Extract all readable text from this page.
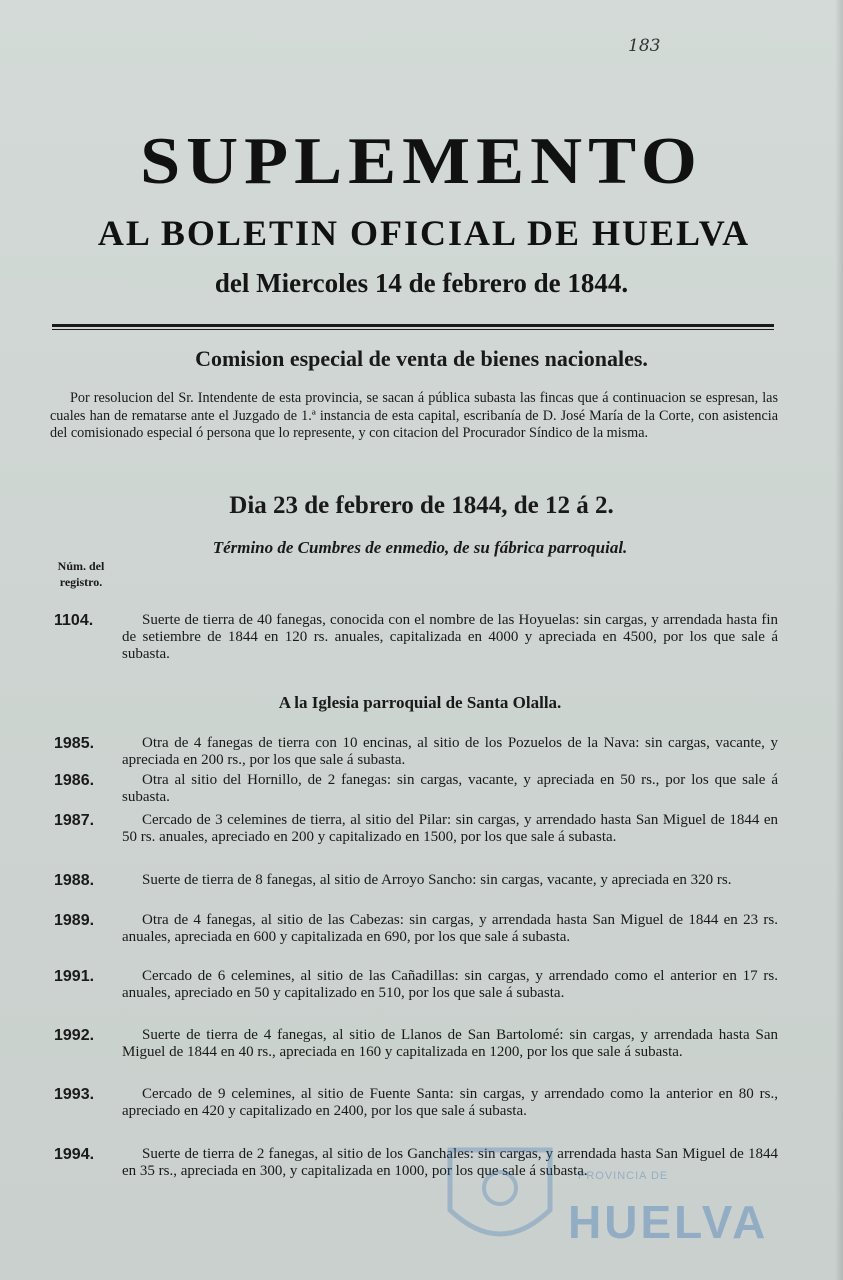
183
SUPLEMENTO
AL BOLETIN OFICIAL DE HUELVA
del Miercoles 14 de febrero de 1844.
Comision especial de venta de bienes nacionales.
Por resolucion del Sr. Intendente de esta provincia, se sacan á pública subasta las fincas que á continuacion se espresan, las cuales han de rematarse ante el Juzgado de 1.ª instancia de esta capital, escribanía de D. José María de la Corte, con asistencia del comisionado especial ó persona que lo represente, y con citacion del Procurador Síndico de la misma.
Dia 23 de febrero de 1844, de 12 á 2.
Término de Cumbres de enmedio, de su fábrica parroquial.
Núm. del registro.
1104.	Suerte de tierra de 40 fanegas, conocida con el nombre de las Hoyuelas: sin cargas, y arrendada hasta fin de setiembre de 1844 en 120 rs. anuales, capitalizada en 4000 y apreciada en 4500, por los que sale á subasta.
A la Iglesia parroquial de Santa Olalla.
1985.	Otra de 4 fanegas de tierra con 10 encinas, al sitio de los Pozuelos de la Nava: sin cargas, vacante, y apreciada en 200 rs., por los que sale á subasta.
1986.	Otra al sitio del Hornillo, de 2 fanegas: sin cargas, vacante, y apreciada en 50 rs., por los que sale á subasta.
1987.	Cercado de 3 celemines de tierra, al sitio del Pilar: sin cargas, y arrendado hasta San Miguel de 1844 en 50 rs. anuales, apreciado en 200 y capitalizado en 1500, por los que sale á subasta.
1988.	Suerte de tierra de 8 fanegas, al sitio de Arroyo Sancho: sin cargas, vacante, y apreciada en 320 rs.
1989.	Otra de 4 fanegas, al sitio de las Cabezas: sin cargas, y arrendada hasta San Miguel de 1844 en 23 rs. anuales, apreciada en 600 y capitalizada en 690, por los que sale á subasta.
1991.	Cercado de 6 celemines, al sitio de las Cañadillas: sin cargas, y arrendado como el anterior en 17 rs. anuales, apreciado en 50 y capitalizado en 510, por los que sale á subasta.
1992.	Suerte de tierra de 4 fanegas, al sitio de Llanos de San Bartolomé: sin cargas, y arrendada hasta San Miguel de 1844 en 40 rs., apreciada en 160 y capitalizada en 1200, por los que sale á subasta.
1993.	Cercado de 9 celemines, al sitio de Fuente Santa: sin cargas, y arrendado como la anterior en 80 rs., apreciado en 420 y capitalizado en 2400, por los que sale á subasta.
1994.	Suerte de tierra de 2 fanegas, al sitio de los Ganchales: sin cargas, y arrendada hasta San Miguel de 1844 en 35 rs., apreciada en 300, y capitalizada en 1000, por los que sale á subasta.
PROVINCIA DE
HUELVA
